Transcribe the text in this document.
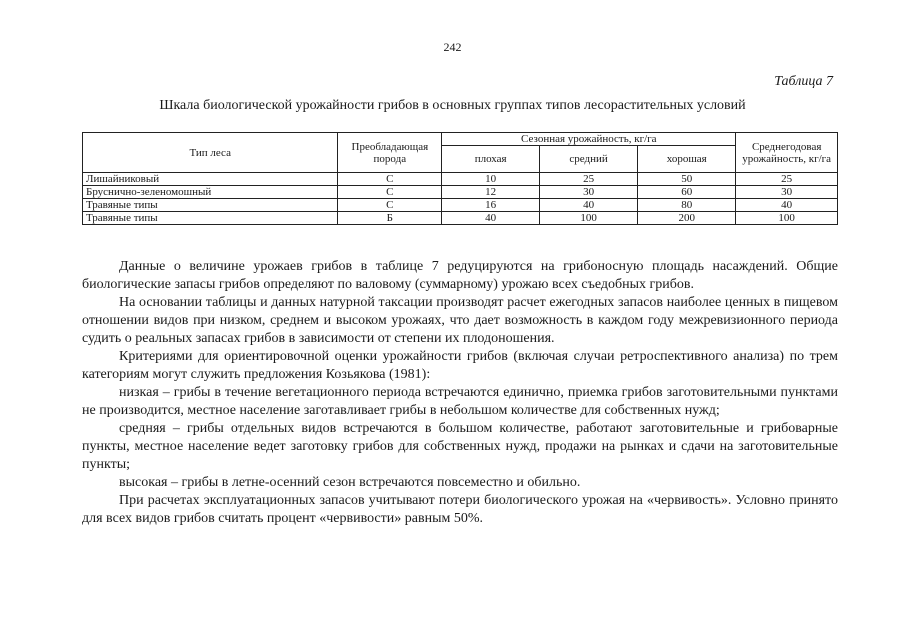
242
Таблица 7
Шкала биологической урожайности грибов в основных группах типов лесорастительных условий
Тип леса	Преобладающая порода	Сезонная урожайность, кг/га			Среднегодовая урожайность, кг/га
		плохая	средний	хорошая	
Лишайниковый	С	10	25	50	25
Брусничнo-зеленомошный	С	12	30	60	30
Травяные типы	С	16	40	80	40
Травяные типы	Б	40	100	200	100

Данные о величине урожаев грибов в таблице 7 редуцируются на грибоносную площадь насаждений. Общие биологические запасы грибов определяют по валовому (суммарному) урожаю всех съедобных грибов.

На основании таблицы и данных натурной таксации производят расчет ежегодных запасов наиболее ценных в пищевом отношении видов при низком, среднем и высоком урожаях, что дает возможность в каждом году межревизионного периода судить о реальных запасах грибов в зависимости от степени их плодоношения.

Критериями для ориентировочной оценки урожайности грибов (включая случаи ретроспективного анализа) по трем категориям могут служить предложения Козьякова (1981):

низкая – грибы в течение вегетационного периода встречаются единично, приемка грибов заготовительными пунктами не производится, местное население заготавливает грибы в небольшом количестве для собственных нужд;

средняя – грибы отдельных видов встречаются в большом количестве, работают заготовительные и грибоварные пункты, местное население ведет заготовку грибов для собственных нужд, продажи на рынках и сдачи на заготовительные пункты;

высокая – грибы в летне-осенний сезон встречаются повсеместно и обильно.

При расчетах эксплуатационных запасов учитывают потери биологического урожая на «червивость». Условно принято для всех видов грибов считать процент «червивости» равным 50%.
